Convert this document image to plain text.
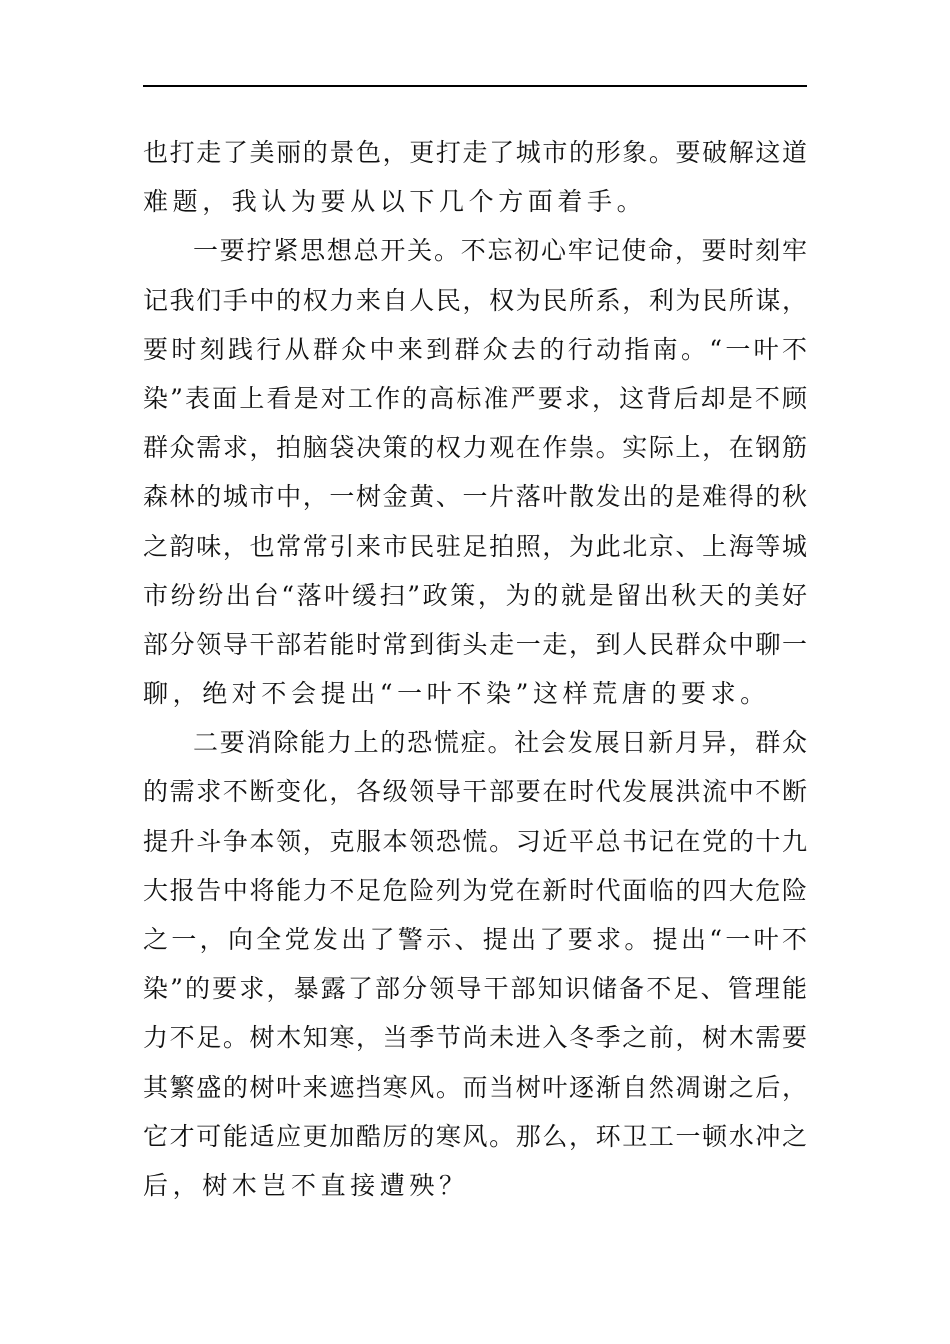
也打走了美丽的景色，更打走了城市的形象。要破解这道
难题，我认为要从以下几个方面着手。
一要拧紧思想总开关。不忘初心牢记使命，要时刻牢
记我们手中的权力来自人民，权为民所系，利为民所谋，
要时刻践行从群众中来到群众去的行动指南。“一叶不
染”表面上看是对工作的高标准严要求，这背后却是不顾
群众需求，拍脑袋决策的权力观在作祟。实际上，在钢筋
森林的城市中，一树金黄、一片落叶散发出的是难得的秋
之韵味，也常常引来市民驻足拍照，为此北京、上海等城
市纷纷出台“落叶缓扫”政策，为的就是留出秋天的美好
部分领导干部若能时常到街头走一走，到人民群众中聊一
聊，绝对不会提出“一叶不染”这样荒唐的要求。
二要消除能力上的恐慌症。社会发展日新月异，群众
的需求不断变化，各级领导干部要在时代发展洪流中不断
提升斗争本领，克服本领恐慌。习近平总书记在党的十九
大报告中将能力不足危险列为党在新时代面临的四大危险
之一，向全党发出了警示、提出了要求。提出“一叶不
染”的要求，暴露了部分领导干部知识储备不足、管理能
力不足。树木知寒，当季节尚未进入冬季之前，树木需要
其繁盛的树叶来遮挡寒风。而当树叶逐渐自然凋谢之后，
它才可能适应更加酷厉的寒风。那么，环卫工一顿水冲之
后，树木岂不直接遭殃？
